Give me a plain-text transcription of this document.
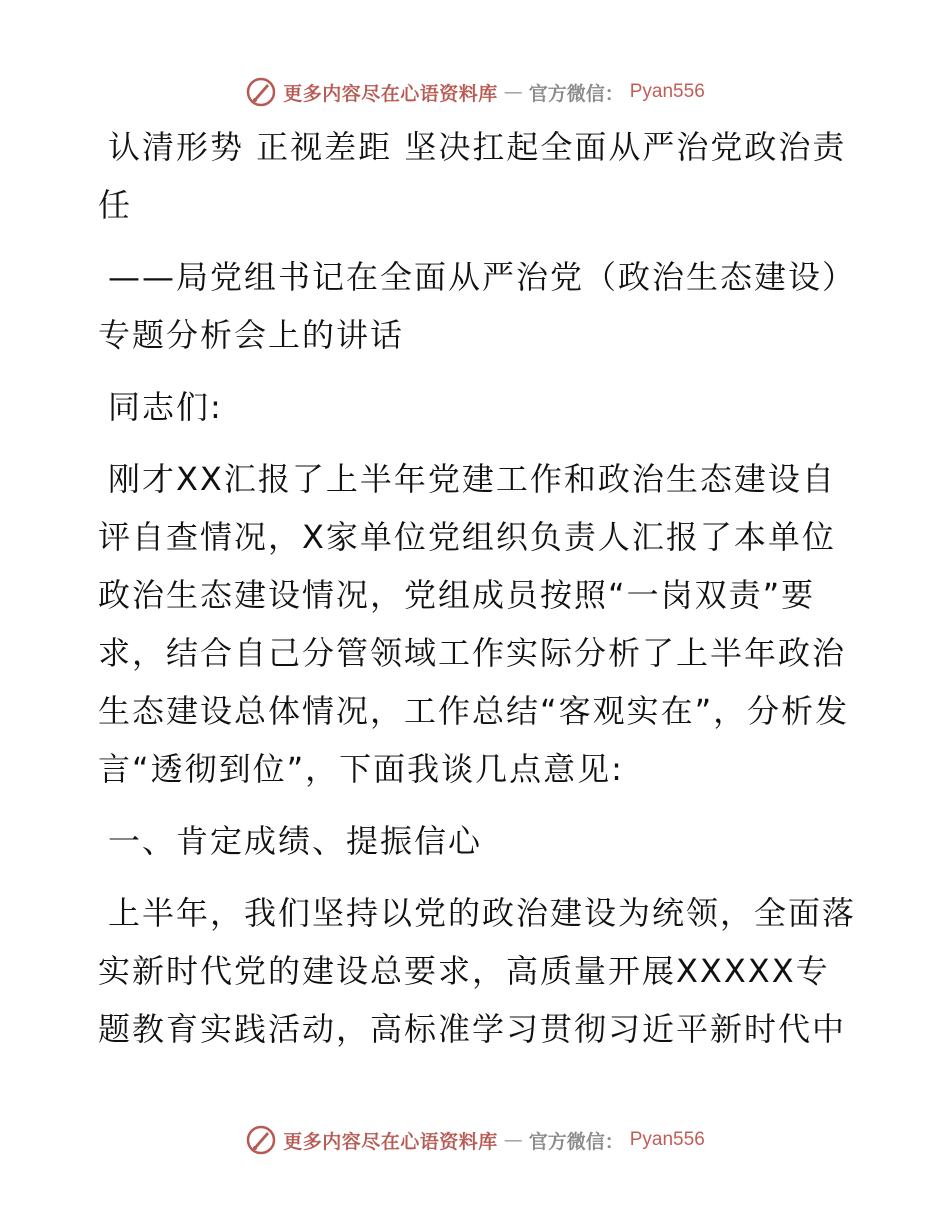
更多内容尽在心语资料库 — 官方微信： Pyan556

认清形势 正视差距 坚决扛起全面从严治党政治责任

——局党组书记在全面从严治党（政治生态建设）专题分析会上的讲话

同志们:

刚才XX汇报了上半年党建工作和政治生态建设自评自查情况，X家单位党组织负责人汇报了本单位政治生态建设情况，党组成员按照“一岗双责”要求，结合自己分管领域工作实际分析了上半年政治生态建设总体情况，工作总结“客观实在”，分析发言“透彻到位”，下面我谈几点意见:

一、肯定成绩、提振信心

上半年，我们坚持以党的政治建设为统领，全面落实新时代党的建设总要求，高质量开展XXXXX专题教育实践活动，高标准学习贯彻习近平新时代中

更多内容尽在心语资料库 — 官方微信： Pyan556
